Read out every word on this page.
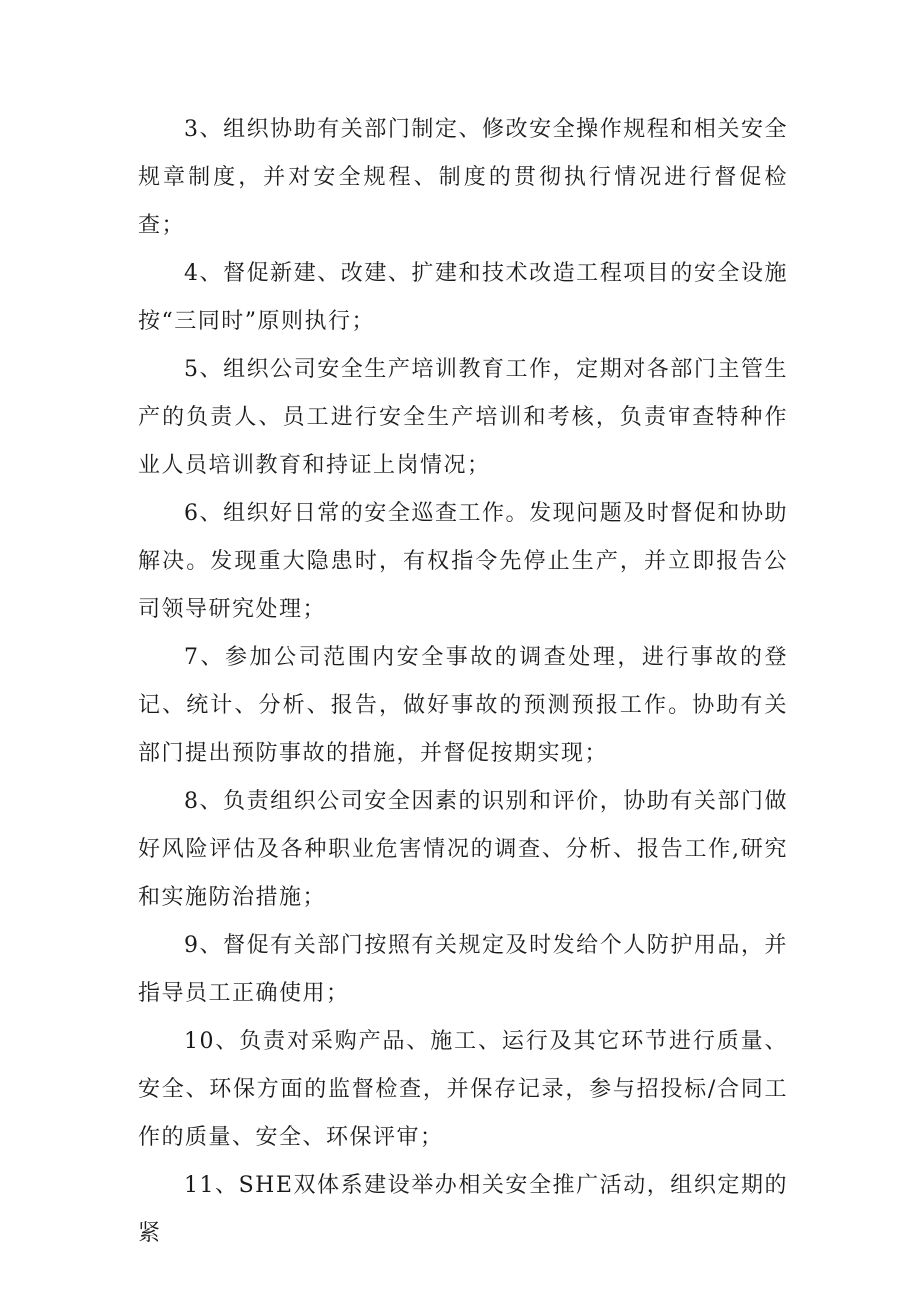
3、组织协助有关部门制定、修改安全操作规程和相关安全规章制度，并对安全规程、制度的贯彻执行情况进行督促检查；

4、督促新建、改建、扩建和技术改造工程项目的安全设施按“三同时”原则执行；

5、组织公司安全生产培训教育工作，定期对各部门主管生产的负责人、员工进行安全生产培训和考核，负责审查特种作业人员培训教育和持证上岗情况；

6、组织好日常的安全巡查工作。发现问题及时督促和协助解决。发现重大隐患时，有权指令先停止生产，并立即报告公司领导研究处理；

7、参加公司范围内安全事故的调查处理，进行事故的登记、统计、分析、报告，做好事故的预测预报工作。协助有关部门提出预防事故的措施，并督促按期实现；

8、负责组织公司安全因素的识别和评价，协助有关部门做好风险评估及各种职业危害情况的调查、分析、报告工作,研究和实施防治措施；

9、督促有关部门按照有关规定及时发给个人防护用品，并指导员工正确使用；

10、负责对采购产品、施工、运行及其它环节进行质量、安全、环保方面的监督检查，并保存记录，参与招投标/合同工作的质量、安全、环保评审；

11、SHE双体系建设举办相关安全推广活动，组织定期的紧
